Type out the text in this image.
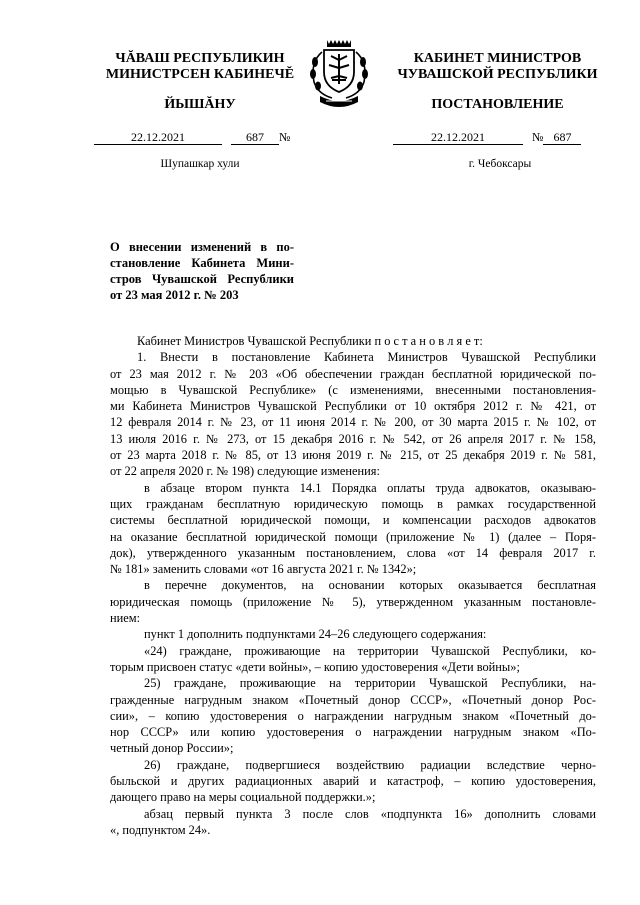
ЧĂВАШ РЕСПУБЛИКИН
МИНИСТРСЕН КАБИНЕЧĔ
ЙЫШĂНУ
КАБИНЕТ МИНИСТРОВ
ЧУВАШСКОЙ РЕСПУБЛИКИ
ПОСТАНОВЛЕНИЕ
22.12.2021	687 №	22.12.2021	№ 687
Шупашкар хули	г. Чебоксары
О внесении изменений в по-
становление Кабинета Мини-
стров Чувашской Республики
от 23 мая 2012 г. № 203
Кабинет Министров Чувашской Республики п о с т а н о в л я е т:
1. Внести в постановление Кабинета Министров Чувашской Республики
от 23 мая 2012 г. № 203 «Об обеспечении граждан бесплатной юридической по-
мощью в Чувашской Республике» (с изменениями, внесенными постановления-
ми Кабинета Министров Чувашской Республики от 10 октября 2012 г. № 421, от
12 февраля 2014 г. № 23, от 11 июня 2014 г. № 200, от 30 марта 2015 г. № 102, от
13 июля 2016 г. № 273, от 15 декабря 2016 г. № 542, от 26 апреля 2017 г. № 158,
от 23 марта 2018 г. № 85, от 13 июня 2019 г. № 215, от 25 декабря 2019 г. № 581,
от 22 апреля 2020 г. № 198) следующие изменения:
в абзаце втором пункта 14.1 Порядка оплаты труда адвокатов, оказываю-
щих гражданам бесплатную юридическую помощь в рамках государственной
системы бесплатной юридической помощи, и компенсации расходов адвокатов
на оказание бесплатной юридической помощи (приложение № 1) (далее – Поря-
док), утвержденного указанным постановлением, слова «от 14 февраля 2017 г.
№ 181» заменить словами «от 16 августа 2021 г. № 1342»;
в перечне документов, на основании которых оказывается бесплатная
юридическая помощь (приложение № 5), утвержденном указанным постановле-
нием:
пункт 1 дополнить подпунктами 24–26 следующего содержания:
«24) граждане, проживающие на территории Чувашской Республики, ко-
торым присвоен статус «дети войны», – копию удостоверения «Дети войны»;
25) граждане, проживающие на территории Чувашской Республики, на-
гражденные нагрудным знаком «Почетный донор СССР», «Почетный донор Рос-
сии», – копию удостоверения о награждении нагрудным знаком «Почетный до-
нор СССР» или копию удостоверения о награждении нагрудным знаком «По-
четный донор России»;
26) граждане, подвергшиеся воздействию радиации вследствие черно-
быльской и других радиационных аварий и катастроф, – копию удостоверения,
дающего право на меры социальной поддержки.»;
абзац первый пункта 3 после слов «подпункта 16» дополнить словами
«, подпунктом 24».
